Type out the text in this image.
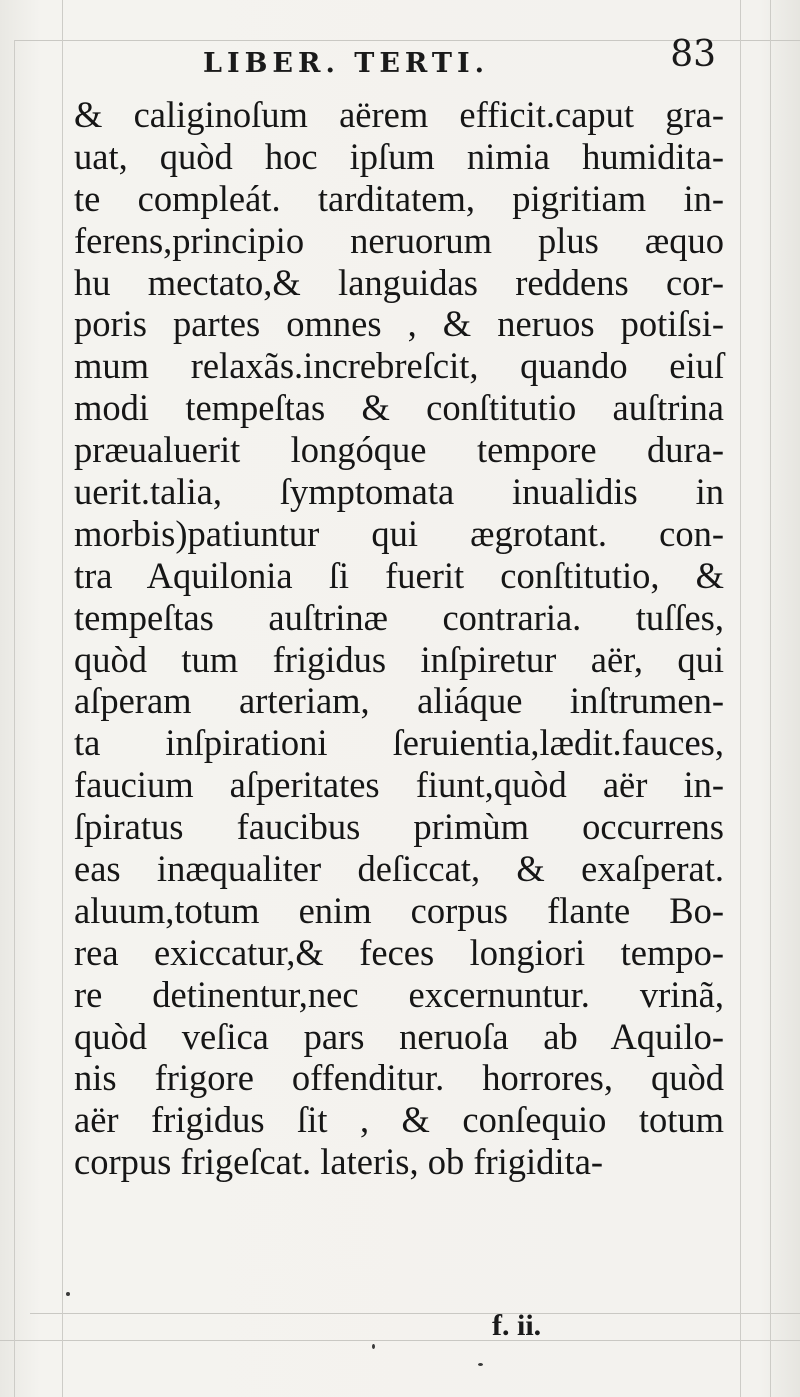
LIBER. TERTI.	83
& caliginoſum aërem efficit.caput gra-
uat, quòd hoc ipſum nimia humidita-
te compleát. tarditatem, pigritiam in-
ferens,principio neruorum plus æquo
hu mectato,& languidas reddens cor-
poris partes omnes , & neruos potiſsi-
mum relaxãs.increbreſcit, quando eiuſ
modi tempeſtas & conſtitutio auſtrina
præualuerit longóque tempore dura-
uerit.talia, ſymptomata inualidis in
morbis)patiuntur qui ægrotant. con-
tra Aquilonia ſi fuerit conſtitutio, &
tempeſtas auſtrinæ contraria. tuſſes,
quòd tum frigidus inſpiretur aër, qui
aſperam arteriam, aliáque inſtrumen-
ta inſpirationi ſeruientia,lædit.fauces,
faucium aſperitates fiunt,quòd aër in-
ſpiratus faucibus primùm occurrens
eas inæqualiter deſiccat, & exaſperat.
aluum,totum enim corpus flante Bo-
rea exiccatur,& feces longiori tempo-
re detinentur,nec excernuntur. vrinã,
quòd veſica pars neruoſa ab Aquilo-
nis frigore offenditur. horrores, quòd
aër frigidus ſit , & conſequio totum
corpus frigeſcat. lateris, ob frigidita-
f. ii.
